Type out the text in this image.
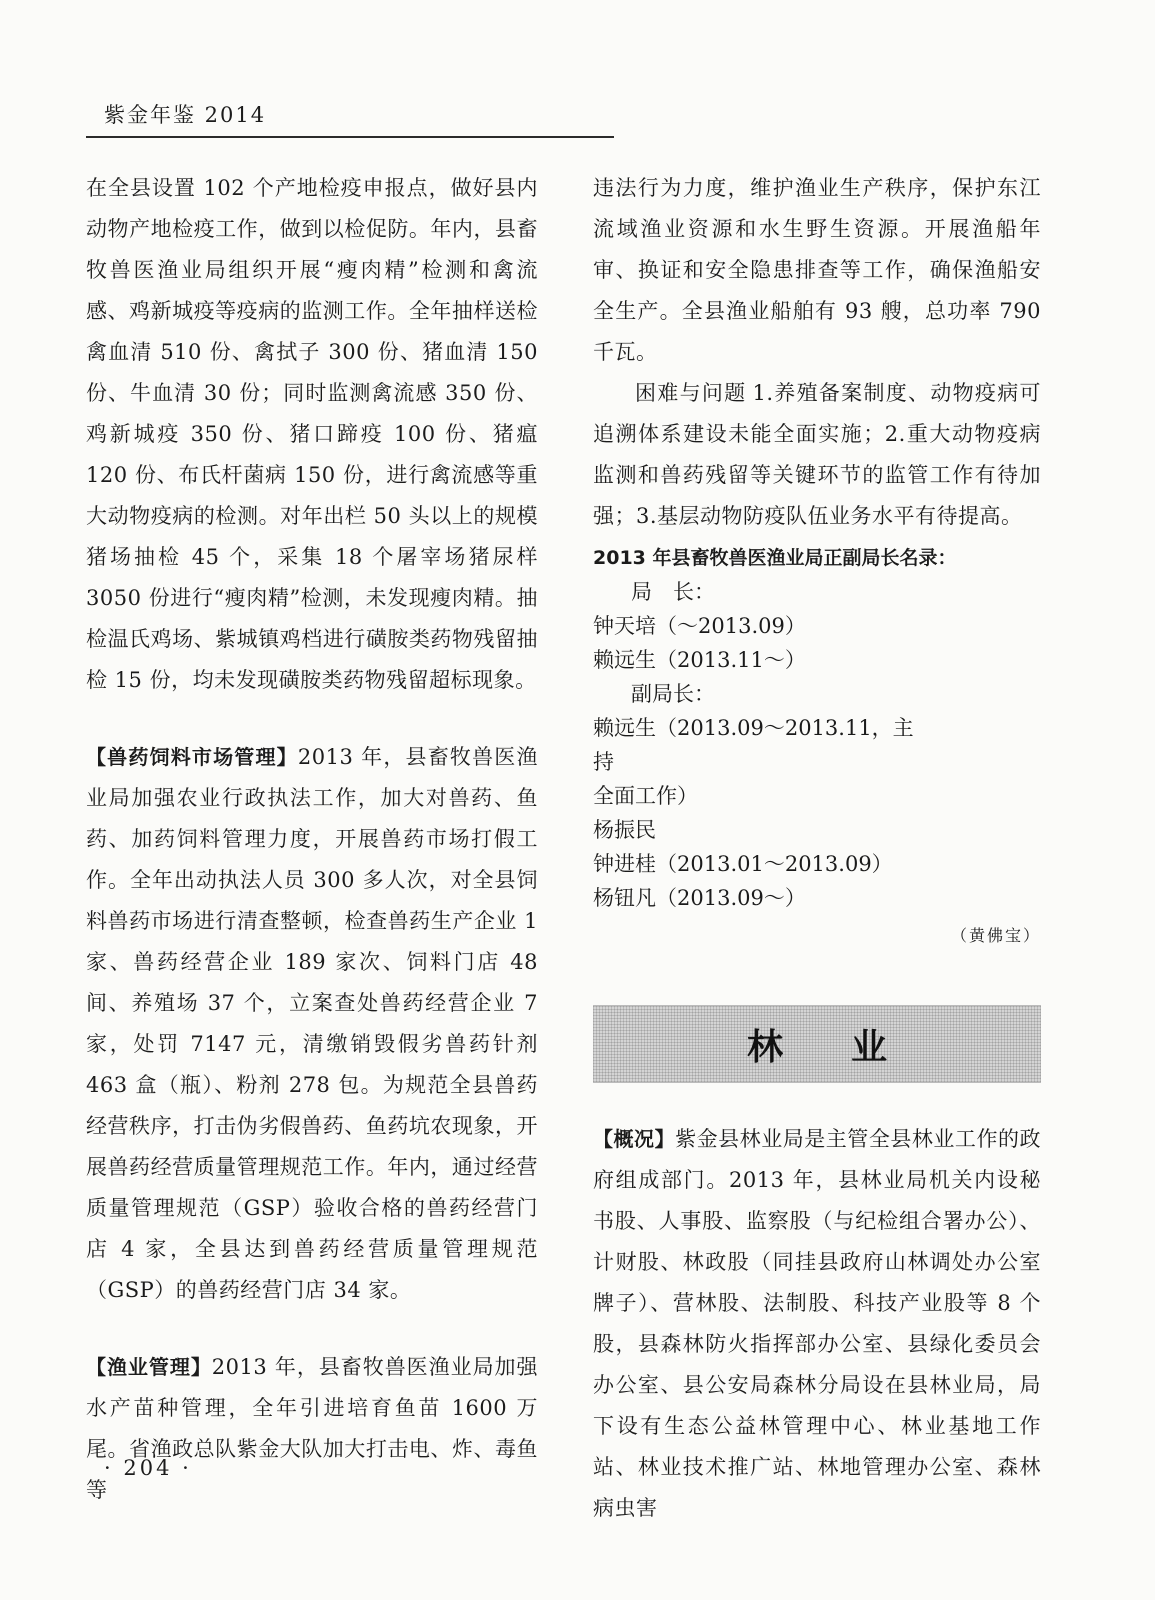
紫金年鉴 2014

在全县设置 102 个产地检疫申报点，做好县内动物产地检疫工作，做到以检促防。年内，县畜牧兽医渔业局组织开展“瘦肉精”检测和禽流感、鸡新城疫等疫病的监测工作。全年抽样送检禽血清 510 份、禽拭子 300 份、猪血清 150 份、牛血清 30 份；同时监测禽流感 350 份、鸡新城疫 350 份、猪口蹄疫 100 份、猪瘟 120 份、布氏杆菌病 150 份，进行禽流感等重大动物疫病的检测。对年出栏 50 头以上的规模猪场抽检 45 个，采集 18 个屠宰场猪尿样 3050 份进行“瘦肉精”检测，未发现瘦肉精。抽检温氏鸡场、紫城镇鸡档进行磺胺类药物残留抽检 15 份，均未发现磺胺类药物残留超标现象。

【兽药饲料市场管理】2013 年，县畜牧兽医渔业局加强农业行政执法工作，加大对兽药、鱼药、加药饲料管理力度，开展兽药市场打假工作。全年出动执法人员 300 多人次，对全县饲料兽药市场进行清查整顿，检查兽药生产企业 1 家、兽药经营企业 189 家次、饲料门店 48 间、养殖场 37 个，立案查处兽药经营企业 7 家，处罚 7147 元，清缴销毁假劣兽药针剂 463 盒（瓶）、粉剂 278 包。为规范全县兽药经营秩序，打击伪劣假兽药、鱼药坑农现象，开展兽药经营质量管理规范工作。年内，通过经营质量管理规范（GSP）验收合格的兽药经营门店 4 家，全县达到兽药经营质量管理规范（GSP）的兽药经营门店 34 家。

【渔业管理】2013 年，县畜牧兽医渔业局加强水产苗种管理，全年引进培育鱼苗 1600 万尾。省渔政总队紫金大队加大打击电、炸、毒鱼等

违法行为力度，维护渔业生产秩序，保护东江流域渔业资源和水生野生资源。开展渔船年审、换证和安全隐患排查等工作，确保渔船安全生产。全县渔业船舶有 93 艘，总功率 790 千瓦。

困难与问题 1.养殖备案制度、动物疫病可追溯体系建设未能全面实施；2.重大动物疫病监测和兽药残留等关键环节的监管工作有待加强；3.基层动物防疫队伍业务水平有待提高。

2013 年县畜牧兽医渔业局正副局长名录：
局　长：钟天培（～2013.09）
赖远生（2013.11～）
副局长：赖远生（2013.09～2013.11，主持
全面工作）
杨振民
钟进桂（2013.01～2013.09）
杨钮凡（2013.09～）
（黄佛宝）
林业

【概况】紫金县林业局是主管全县林业工作的政府组成部门。2013 年，县林业局机关内设秘书股、人事股、监察股（与纪检组合署办公）、计财股、林政股（同挂县政府山林调处办公室牌子）、营林股、法制股、科技产业股等 8 个股，县森林防火指挥部办公室、县绿化委员会办公室、县公安局森林分局设在县林业局，局下设有生态公益林管理中心、林业基地工作站、林业技术推广站、林地管理办公室、森林病虫害

· 204 ·
